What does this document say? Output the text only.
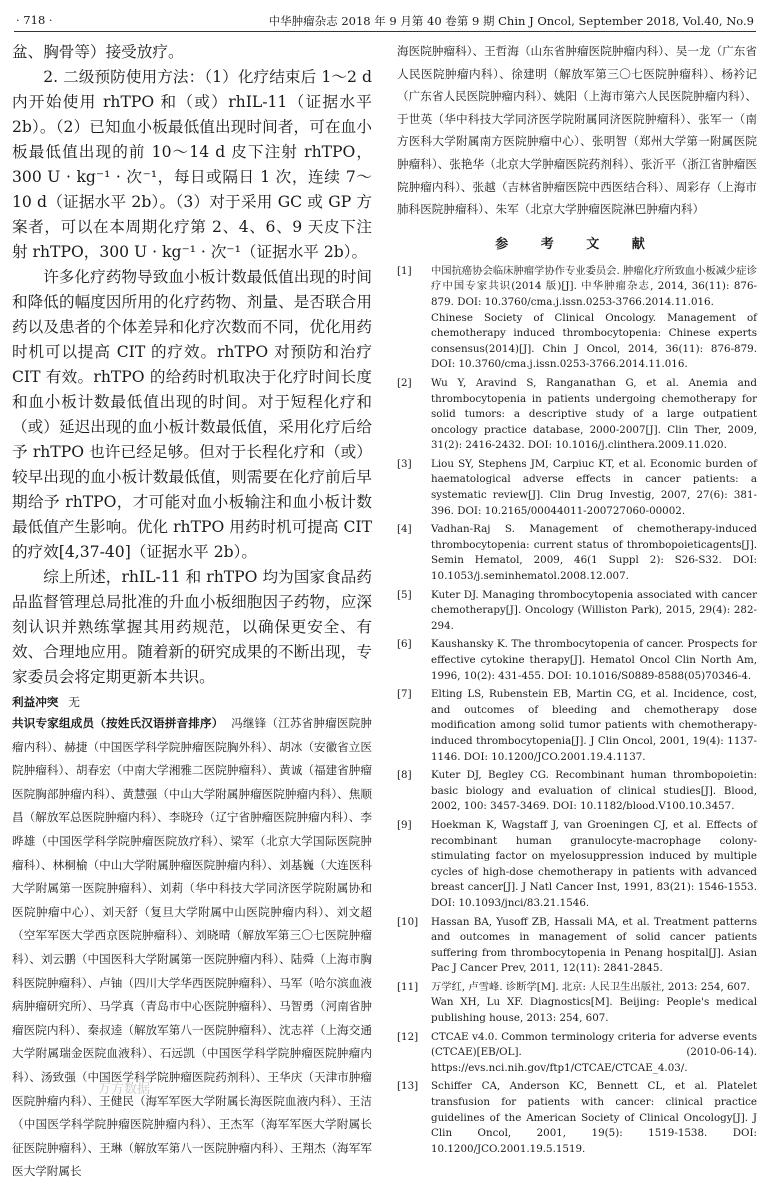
· 718 ·	中华肿瘤杂志 2018 年 9 月第 40 卷第 9 期 Chin J Oncol, September 2018, Vol.40, No.9

盆、胸骨等）接受放疗。

2. 二级预防使用方法：（1）化疗结束后 1～2 d 内开始使用 rhTPO 和（或）rhIL-11（证据水平 2b）。（2）已知血小板最低值出现时间者，可在血小板最低值出现的前 10～14 d 皮下注射 rhTPO，300 U · kg⁻¹ · 次⁻¹，每日或隔日 1 次，连续 7～10 d（证据水平 2b）。（3）对于采用 GC 或 GP 方案者，可以在本周期化疗第 2、4、6、9 天皮下注射 rhTPO，300 U · kg⁻¹ · 次⁻¹（证据水平 2b）。

许多化疗药物导致血小板计数最低值出现的时间和降低的幅度因所用的化疗药物、剂量、是否联合用药以及患者的个体差异和化疗次数而不同，优化用药时机可以提高 CIT 的疗效。rhTPO 对预防和治疗 CIT 有效。rhTPO 的给药时机取决于化疗时间长度和血小板计数最低值出现的时间。对于短程化疗和（或）延迟出现的血小板计数最低值，采用化疗后给予 rhTPO 也许已经足够。但对于长程化疗和（或）较早出现的血小板计数最低值，则需要在化疗前后早期给予 rhTPO，才可能对血小板输注和血小板计数最低值产生影响。优化 rhTPO 用药时机可提高 CIT 的疗效[4,37-40]（证据水平 2b）。

综上所述，rhIL-11 和 rhTPO 均为国家食品药品监督管理总局批准的升血小板细胞因子药物，应深刻认识并熟练掌握其用药规范，以确保更安全、有效、合理地应用。随着新的研究成果的不断出现，专家委员会将定期更新本共识。

利益冲突 无
共识专家组成员（按姓氏汉语拼音排序） 冯继锋（江苏省肿瘤医院肿瘤内科）、赫捷（中国医学科学院肿瘤医院胸外科）、胡冰（安徽省立医院肿瘤科）、胡春宏（中南大学湘雅二医院肿瘤科）、黄诚（福建省肿瘤医院胸部肿瘤内科）、黄慧强（中山大学附属肿瘤医院肿瘤内科）、焦顺昌（解放军总医院肿瘤内科）、李晓玲（辽宁省肿瘤医院肿瘤内科）、李晔雄（中国医学科学院肿瘤医院放疗科）、梁军（北京大学国际医院肿瘤科）、林桐榆（中山大学附属肿瘤医院肿瘤内科）、刘基巍（大连医科大学附属第一医院肿瘤科）、刘莉（华中科技大学同济医学院附属协和医院肿瘤中心）、刘天舒（复旦大学附属中山医院肿瘤内科）、刘文超（空军军医大学西京医院肿瘤科）、刘晓晴（解放军第三〇七医院肿瘤科）、刘云鹏（中国医科大学附属第一医院肿瘤内科）、陆舜（上海市胸科医院肿瘤科）、卢铀（四川大学华西医院肿瘤科）、马军（哈尔滨血液病肿瘤研究所）、马学真（青岛市中心医院肿瘤科）、马智勇（河南省肿瘤医院内科）、秦叔逵（解放军第八一医院肿瘤科）、沈志祥（上海交通大学附属瑞金医院血液科）、石远凯（中国医学科学院肿瘤医院肿瘤内科）、汤致强（中国医学科学院肿瘤医院药剂科）、王华庆（天津市肿瘤医院肿瘤内科）、王健民（海军军医大学附属长海医院血液内科）、王洁（中国医学科学院肿瘤医院肿瘤内科）、王杰军（海军军医大学附属长征医院肿瘤科）、王琳（解放军第八一医院肿瘤内科）、王翔杰（海军军医大学附属长
海医院肿瘤科）、王哲海（山东省肿瘤医院肿瘤内科）、吴一龙（广东省人民医院肿瘤内科）、徐建明（解放军第三〇七医院肿瘤科）、杨衿记（广东省人民医院肿瘤内科）、姚阳（上海市第六人民医院肿瘤内科）、于世英（华中科技大学同济医学院附属同济医院肿瘤科）、张军一（南方医科大学附属南方医院肿瘤中心）、张明智（郑州大学第一附属医院肿瘤科）、张艳华（北京大学肿瘤医院药剂科）、张沂平（浙江省肿瘤医院肿瘤内科）、张越（吉林省肿瘤医院中西医结合科）、周彩存（上海市肺科医院肿瘤科）、朱军（北京大学肿瘤医院淋巴肿瘤内科）
参 考 文 献
[1]	中国抗癌协会临床肿瘤学协作专业委员会. 肿瘤化疗所致血小板减少症诊疗中国专家共识(2014 版)[J]. 中华肿瘤杂志, 2014, 36(11): 876-879. DOI: 10.3760/cma.j.issn.0253-3766.2014.11.016.
Chinese Society of Clinical Oncology. Management of chemotherapy induced thrombocytopenia: Chinese experts consensus(2014)[J]. Chin J Oncol, 2014, 36(11): 876-879. DOI: 10.3760/cma.j.issn.0253-3766.2014.11.016.
[2]	Wu Y, Aravind S, Ranganathan G, et al. Anemia and thrombocytopenia in patients undergoing chemotherapy for solid tumors: a descriptive study of a large outpatient oncology practice database, 2000-2007[J]. Clin Ther, 2009, 31(2): 2416-2432. DOI: 10.1016/j.clinthera.2009.11.020.
[3]	Liou SY, Stephens JM, Carpiuc KT, et al. Economic burden of haematological adverse effects in cancer patients: a systematic review[J]. Clin Drug Investig, 2007, 27(6): 381-396. DOI: 10.2165/00044011-200727060-00002.
[4]	Vadhan-Raj S. Management of chemotherapy-induced thrombocytopenia: current status of thrombopoieticagents[J]. Semin Hematol, 2009, 46(1 Suppl 2): S26-S32. DOI: 10.1053/j.seminhematol.2008.12.007.
[5]	Kuter DJ. Managing thrombocytopenia associated with cancer chemotherapy[J]. Oncology (Williston Park), 2015, 29(4): 282-294.
[6]	Kaushansky K. The thrombocytopenia of cancer. Prospects for effective cytokine therapy[J]. Hematol Oncol Clin North Am, 1996, 10(2): 431-455. DOI: 10.1016/S0889-8588(05)70346-4.
[7]	Elting LS, Rubenstein EB, Martin CG, et al. Incidence, cost, and outcomes of bleeding and chemotherapy dose modification among solid tumor patients with chemotherapy-induced thrombocytopenia[J]. J Clin Oncol, 2001, 19(4): 1137-1146. DOI: 10.1200/JCO.2001.19.4.1137.
[8]	Kuter DJ, Begley CG. Recombinant human thrombopoietin: basic biology and evaluation of clinical studies[J]. Blood, 2002, 100: 3457-3469. DOI: 10.1182/blood.V100.10.3457.
[9]	Hoekman K, Wagstaff J, van Groeningen CJ, et al. Effects of recombinant human granulocyte-macrophage colony-stimulating factor on myelosuppression induced by multiple cycles of high-dose chemotherapy in patients with advanced breast cancer[J]. J Natl Cancer Inst, 1991, 83(21): 1546-1553. DOI: 10.1093/jnci/83.21.1546.
[10]	Hassan BA, Yusoff ZB, Hassali MA, et al. Treatment patterns and outcomes in management of solid cancer patients suffering from thrombocytopenia in Penang hospital[J]. Asian Pac J Cancer Prev, 2011, 12(11): 2841-2845.
[11]	万学红, 卢雪峰. 诊断学[M]. 北京: 人民卫生出版社, 2013: 254, 607.
Wan XH, Lu XF. Diagnostics[M]. Beijing: People's medical publishing house, 2013: 254, 607.
[12]	CTCAE v4.0. Common terminology criteria for adverse events (CTCAE)[EB/OL]. (2010-06-14). https://evs.nci.nih.gov/ftp1/CTCAE/CTCAE_4.03/.
[13]	Schiffer CA, Anderson KC, Bennett CL, et al. Platelet transfusion for patients with cancer: clinical practice guidelines of the American Society of Clinical Oncology[J]. J Clin Oncol, 2001, 19(5): 1519-1538. DOI: 10.1200/JCO.2001.19.5.1519.
万方数据
